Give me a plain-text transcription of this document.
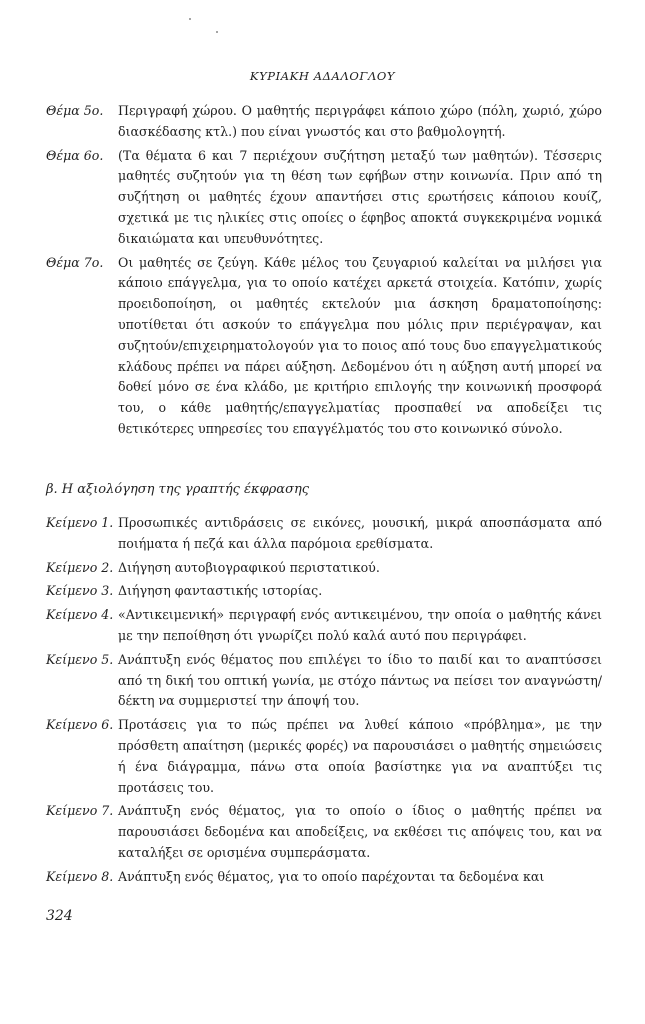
ΚΥΡΙΑΚΗ ΑΔΑΛΟΓΛΟΥ
Θέμα 5ο.	Περιγραφή χώρου. Ο μαθητής περιγράφει κάποιο χώρο (πόλη, χωριό, χώρο διασκέδασης κτλ.) που είναι γνωστός και στο βαθμολογητή.
Θέμα 6ο.	(Τα θέματα 6 και 7 περιέχουν συζήτηση μεταξύ των μαθητών). Τέσσερις μαθητές συζητούν για τη θέση των εφήβων στην κοινωνία. Πριν από τη συζήτηση οι μαθητές έχουν απαντήσει στις ερωτήσεις κάποιου κουίζ, σχετικά με τις ηλικίες στις οποίες ο έφηβος αποκτά συγκεκριμένα νομικά δικαιώματα και υπευθυνότητες.
Θέμα 7ο.	Οι μαθητές σε ζεύγη. Κάθε μέλος του ζευγαριού καλείται να μιλήσει για κάποιο επάγγελμα, για το οποίο κατέχει αρκετά στοιχεία. Κατόπιν, χωρίς προειδοποίηση, οι μαθητές εκτελούν μια άσκηση δραματοποίησης: υποτίθεται ότι ασκούν το επάγγελμα που μόλις πριν περιέγραψαν, και συζητούν/επιχειρηματολογούν για το ποιος από τους δυο επαγγελματικούς κλάδους πρέπει να πάρει αύξηση. Δεδομένου ότι η αύξηση αυτή μπορεί να δοθεί μόνο σε ένα κλάδο, με κριτήριο επιλογής την κοινωνική προσφορά του, ο κάθε μαθητής/επαγγελματίας προσπαθεί να αποδείξει τις θετικότερες υπηρεσίες του επαγγέλματός του στο κοινωνικό σύνολο.
β. Η αξιολόγηση της γραπτής έκφρασης
Κείμενο 1. Προσωπικές αντιδράσεις σε εικόνες, μουσική, μικρά αποσπάσματα από ποιήματα ή πεζά και άλλα παρόμοια ερεθίσματα.
Κείμενο 2. Διήγηση αυτοβιογραφικού περιστατικού.
Κείμενο 3. Διήγηση φανταστικής ιστορίας.
Κείμενο 4. «Αντικειμενική» περιγραφή ενός αντικειμένου, την οποία ο μαθητής κάνει με την πεποίθηση ότι γνωρίζει πολύ καλά αυτό που περιγράφει.
Κείμενο 5. Ανάπτυξη ενός θέματος που επιλέγει το ίδιο το παιδί και το αναπτύσσει από τη δική του οπτική γωνία, με στόχο πάντως να πείσει τον αναγνώστη/δέκτη να συμμεριστεί την άποψή του.
Κείμενο 6. Προτάσεις για το πώς πρέπει να λυθεί κάποιο «πρόβλημα», με την πρόσθετη απαίτηση (μερικές φορές) να παρουσιάσει ο μαθητής σημειώσεις ή ένα διάγραμμα, πάνω στα οποία βασίστηκε για να αναπτύξει τις προτάσεις του.
Κείμενο 7. Ανάπτυξη ενός θέματος, για το οποίο ο ίδιος ο μαθητής πρέπει να παρουσιάσει δεδομένα και αποδείξεις, να εκθέσει τις απόψεις του, και να καταλήξει σε ορισμένα συμπεράσματα.
Κείμενο 8. Ανάπτυξη ενός θέματος, για το οποίο παρέχονται τα δεδομένα και
324
